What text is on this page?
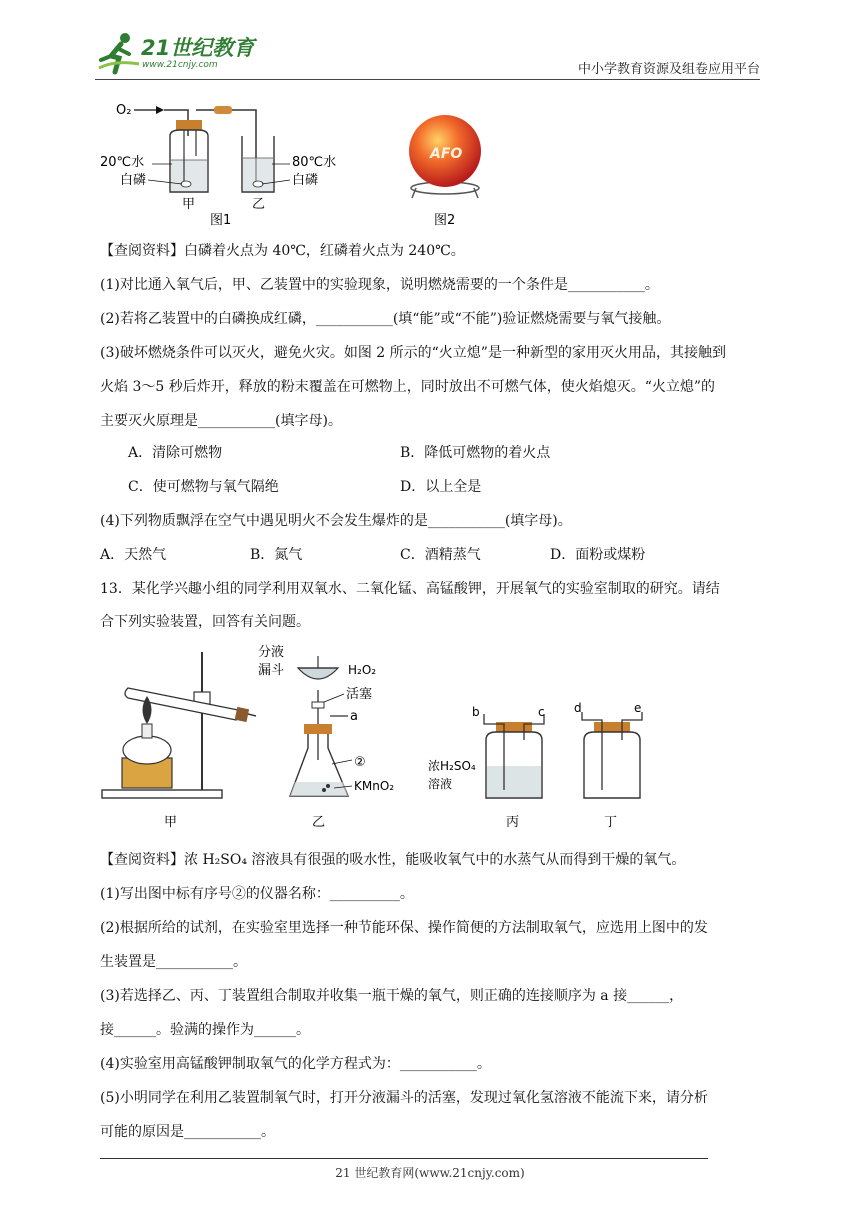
21世纪教育
www.21cnjy.com	中小学教育资源及组卷应用平台
O₂
20℃水
白磷
80℃水
白磷
甲	乙
图1
AFO
图2
【查阅资料】白磷着火点为 40℃，红磷着火点为 240℃。
(1)对比通入氧气后，甲、乙装置中的实验现象，说明燃烧需要的一个条件是___________。
(2)若将乙装置中的白磷换成红磷，___________(填“能”或“不能”)验证燃烧需要与氧气接触。
(3)破坏燃烧条件可以灭火，避免火灾。如图 2 所示的“火立熄”是一种新型的家用灭火用品，其接触到
火焰 3～5 秒后炸开，释放的粉末覆盖在可燃物上，同时放出不可燃气体，使火焰熄灭。“火立熄”的
主要灭火原理是___________(填字母)。
A．清除可燃物	B．降低可燃物的着火点
C．使可燃物与氧气隔绝	D．以上全是
(4)下列物质飘浮在空气中遇见明火不会发生爆炸的是___________(填字母)。
A．天然气	B．氮气	C．酒精蒸气	D．面粉或煤粉
13．某化学兴趣小组的同学利用双氧水、二氧化锰、高锰酸钾，开展氧气的实验室制取的研究。请结
合下列实验装置，回答有关问题。
甲
分液
漏斗	H₂O₂
活塞
a
②
KMnO₂
乙
b	c
浓H₂SO₄
溶液
丙
d	e
丁
【查阅资料】浓 H₂SO₄ 溶液具有很强的吸水性，能吸收氧气中的水蒸气从而得到干燥的氧气。
(1)写出图中标有序号②的仪器名称：__________。
(2)根据所给的试剂，在实验室里选择一种节能环保、操作简便的方法制取氧气，应选用上图中的发
生装置是___________。
(3)若选择乙、丙、丁装置组合制取并收集一瓶干燥的氧气，则正确的连接顺序为 a 接______，
接______。验满的操作为______。
(4)实验室用高锰酸钾制取氧气的化学方程式为：___________。
(5)小明同学在利用乙装置制氧气时，打开分液漏斗的活塞，发现过氧化氢溶液不能流下来，请分析
可能的原因是___________。
21 世纪教育网(www.21cnjy.com)
